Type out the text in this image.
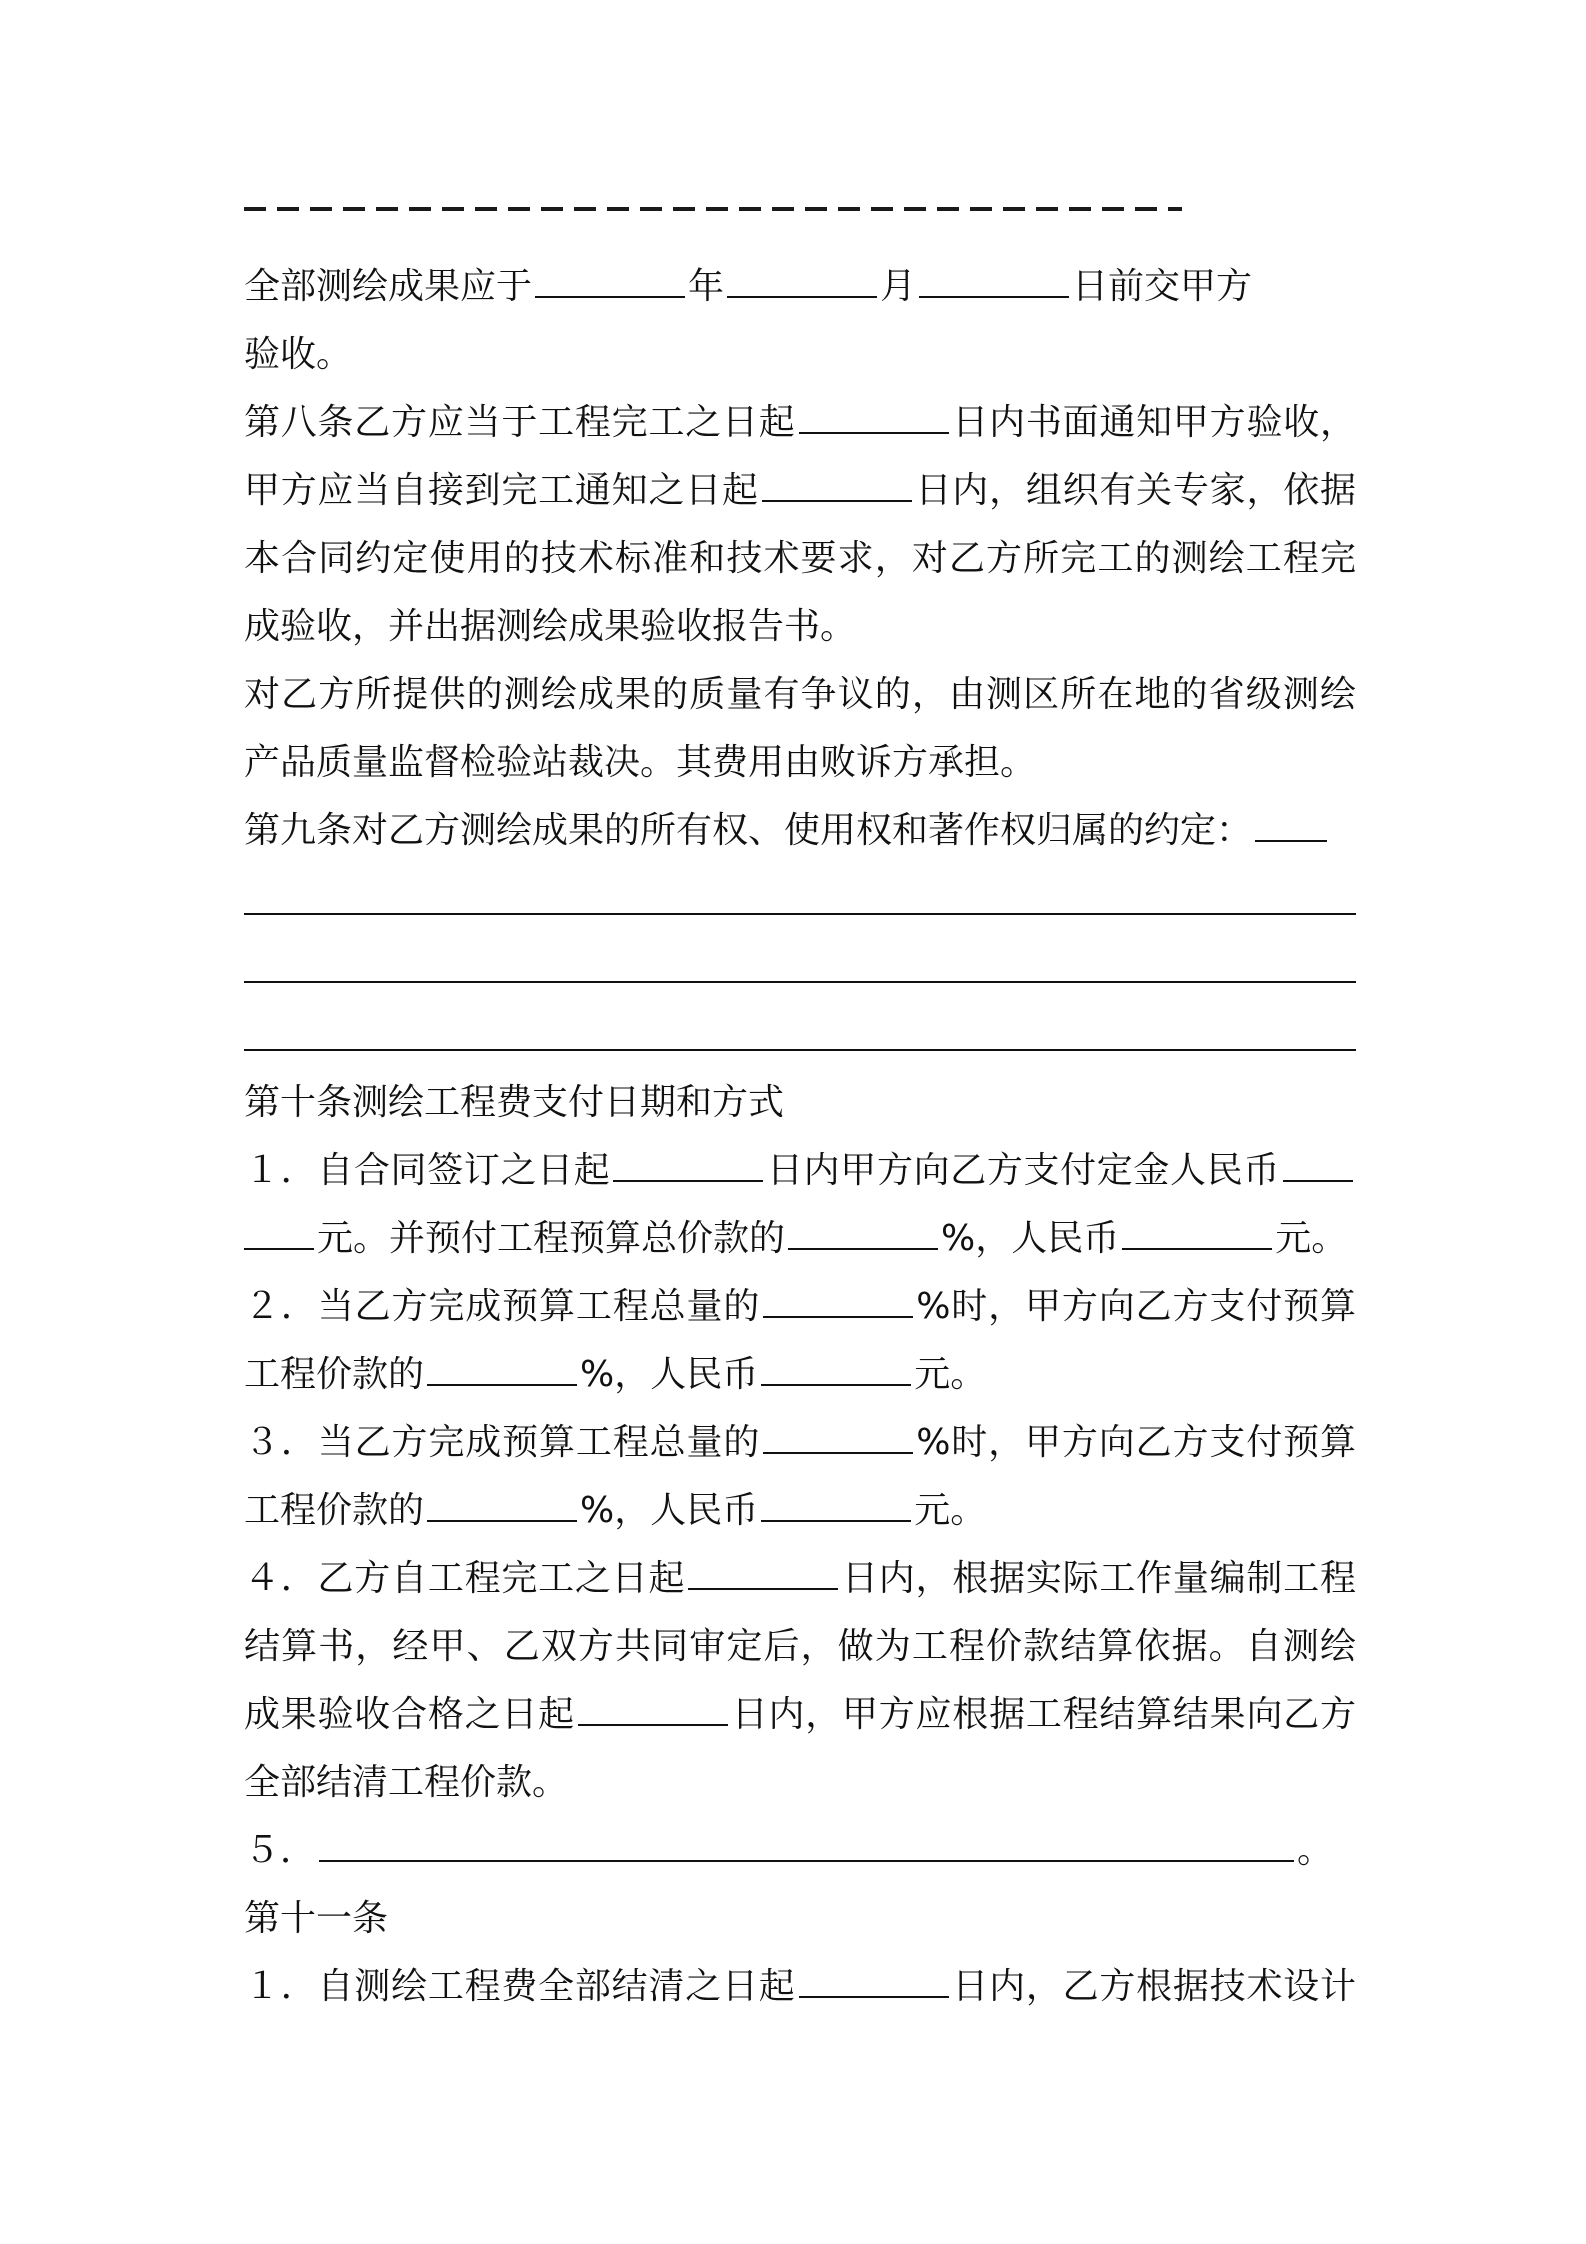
全部测绘成果应于	年	月	日前交甲方
验收。
第八条乙方应当于工程完工之日起	日内书面通知甲方验收，
甲方应当自接到完工通知之日起	日内，组织有关专家，依据
本合同约定使用的技术标准和技术要求，对乙方所完工的测绘工程完
成验收，并出据测绘成果验收报告书。
对乙方所提供的测绘成果的质量有争议的，由测区所在地的省级测绘
产品质量监督检验站裁决。其费用由败诉方承担。
第九条对乙方测绘成果的所有权、使用权和著作权归属的约定：
第十条测绘工程费支付日期和方式
１．自合同签订之日起	日内甲方向乙方支付定金人民币
元。并预付工程预算总价款的	%，人民币	元。
２．当乙方完成预算工程总量的	%时，甲方向乙方支付预算
工程价款的	%，人民币	元。
３．当乙方完成预算工程总量的	%时，甲方向乙方支付预算
工程价款的	%，人民币	元。
４．乙方自工程完工之日起	日内，根据实际工作量编制工程
结算书，经甲、乙双方共同审定后，做为工程价款结算依据。自测绘
成果验收合格之日起	日内，甲方应根据工程结算结果向乙方
全部结清工程价款。
５．	。
第十一条
１．自测绘工程费全部结清之日起	日内，乙方根据技术设计
